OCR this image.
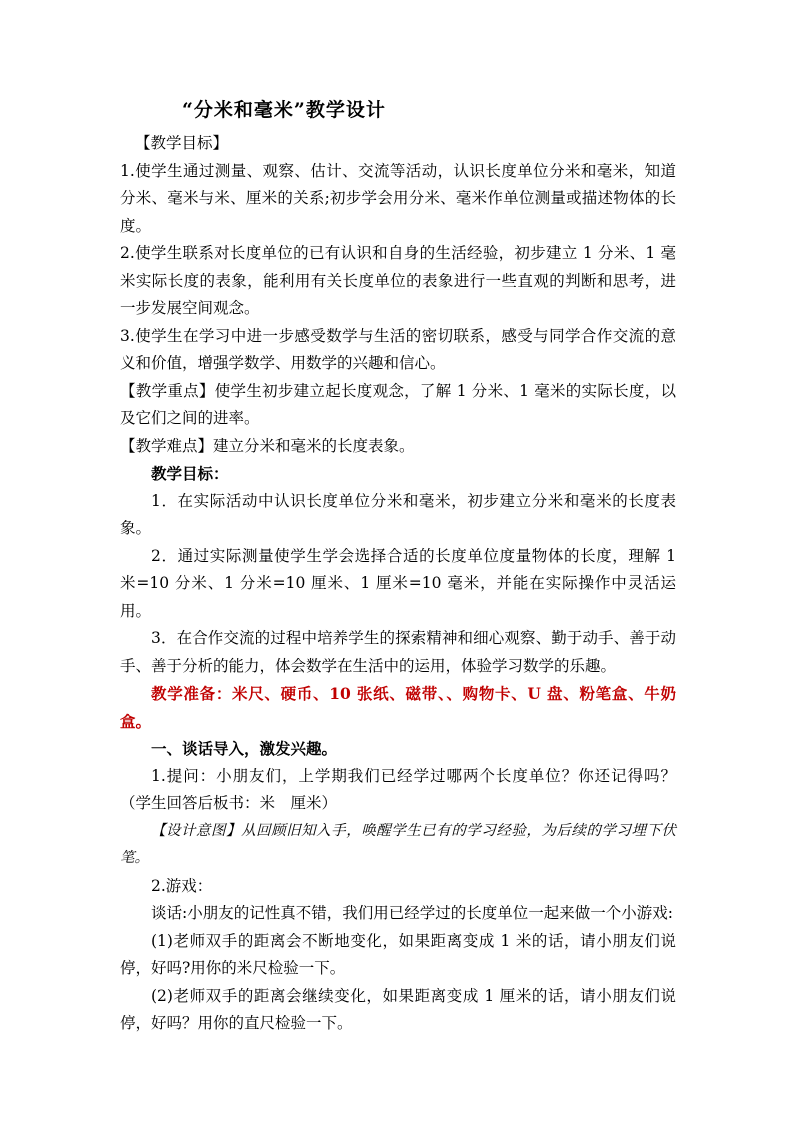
“分米和毫米”教学设计

【教学目标】

1.使学生通过测量、观察、估计、交流等活动，认识长度单位分米和毫米，知道分米、毫米与米、厘米的关系;初步学会用分米、毫米作单位测量或描述物体的长度。

2.使学生联系对长度单位的已有认识和自身的生活经验，初步建立 1 分米、1 毫米实际长度的表象，能利用有关长度单位的表象进行一些直观的判断和思考，进一步发展空间观念。

3.使学生在学习中进一步感受数学与生活的密切联系，感受与同学合作交流的意义和价值，增强学数学、用数学的兴趣和信心。

【教学重点】使学生初步建立起长度观念，了解 1 分米、1 毫米的实际长度，以及它们之间的进率。

【教学难点】建立分米和毫米的长度表象。

教学目标：

1．在实际活动中认识长度单位分米和毫米，初步建立分米和毫米的长度表象。

2．通过实际测量使学生学会选择合适的长度单位度量物体的长度，理解 1 米=10 分米、1 分米=10 厘米、1 厘米=10 毫米，并能在实际操作中灵活运用。

3．在合作交流的过程中培养学生的探索精神和细心观察、勤于动手、善于动手、善于分析的能力，体会数学在生活中的运用，体验学习数学的乐趣。

教学准备：米尺、硬币、10 张纸、磁带、、购物卡、U 盘、粉笔盒、牛奶盒。

一、谈话导入，激发兴趣。

1.提问：小朋友们，上学期我们已经学过哪两个长度单位？你还记得吗？（学生回答后板书：米　厘米）

【设计意图】从回顾旧知入手，唤醒学生已有的学习经验，为后续的学习埋下伏笔。

2.游戏：

谈话:小朋友的记性真不错，我们用已经学过的长度单位一起来做一个小游戏:

(1)老师双手的距离会不断地变化，如果距离变成 1 米的话，请小朋友们说停，好吗?用你的米尺检验一下。

(2)老师双手的距离会继续变化，如果距离变成 1 厘米的话，请小朋友们说停，好吗？用你的直尺检验一下。
